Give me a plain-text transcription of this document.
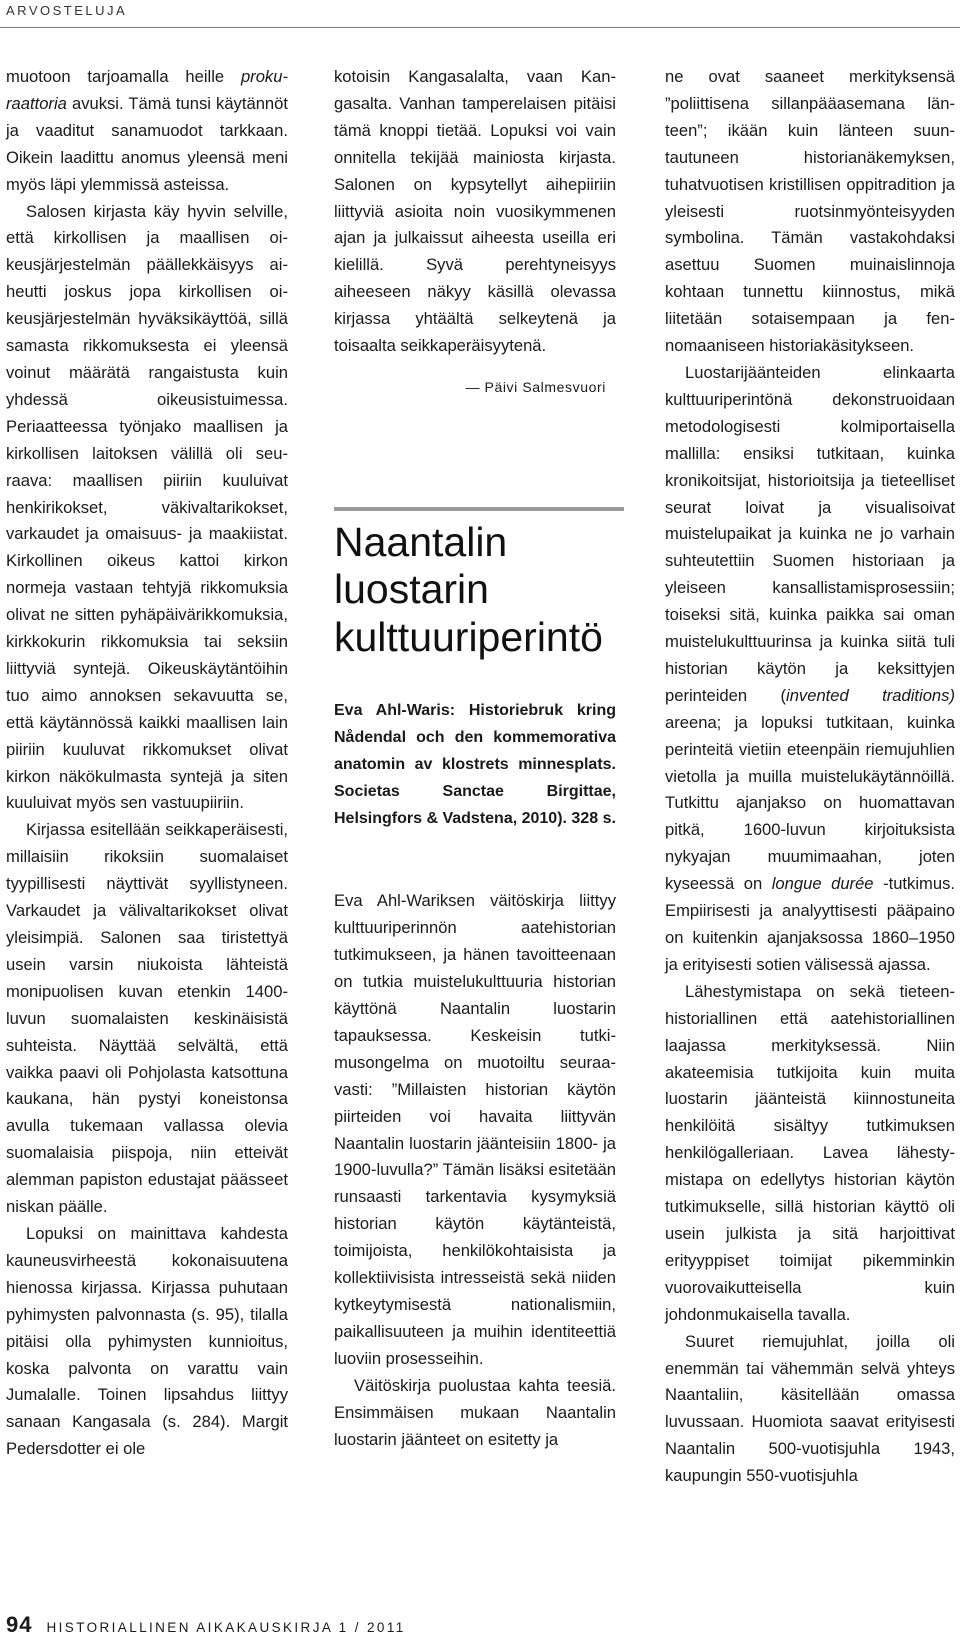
ARVOSTELUJA

muotoon tarjoamalla heille prokuraattoria avuksi. Tämä tunsi käytännöt ja vaaditut sanamuodot tarkkaan. Oikein laadittu anomus yleensä meni myös läpi ylemmissä asteissa.

Salosen kirjasta käy hyvin selville, että kirkollisen ja maallisen oikeusjärjestelmän päällekkäisyys aiheutti joskus jopa kirkollisen oikeusjärjestelmän hyväksikäyttöä, sillä samasta rikkomuksesta ei yleensä voinut määrätä rangaistusta kuin yhdessä oikeusistuimessa. Periaatteessa työnjako maallisen ja kirkollisen laitoksen välillä oli seuraava: maallisen piiriin kuuluivat henkirikokset, väkivaltarikokset, varkaudet ja omaisuus- ja maakiistat. Kirkollinen oikeus kattoi kirkon normeja vastaan tehtyjä rikkomuksia olivat ne sitten pyhäpäivärikkomuksia, kirkkokurin rikkomuksia tai seksiin liittyviä syntejä. Oikeuskäytäntöihin tuo aimo annoksen sekavuutta se, että käytännössä kaikki maallisen lain piiriin kuuluvat rikkomukset olivat kirkon näkökulmasta syntejä ja siten kuuluivat myös sen vastuupiiriin.

Kirjassa esitellään seikkaperäisesti, millaisiin rikoksiin suomalaiset tyypillisesti näyttivät syyllistyneen. Varkaudet ja välivaltarikokset olivat yleisimpiä. Salonen saa tiristettyä usein varsin niukoista lähteistä monipuolisen kuvan etenkin 1400-luvun suomalaisten keskinäisistä suhteista. Näyttää selvältä, että vaikka paavi oli Pohjolasta katsottuna kaukana, hän pystyi koneistonsa avulla tukemaan vallassa olevia suomalaisia piispoja, niin etteivät alemman papiston edustajat päässeet niskan päälle.

Lopuksi on mainittava kahdesta kauneusvirheestä kokonaisuutena hienossa kirjassa. Kirjassa puhutaan pyhimysten palvonnasta (s. 95), tilalla pitäisi olla pyhimysten kunnioitus, koska palvonta on varattu vain Jumalalle. Toinen lipsahdus liittyy sanaan Kangasala (s. 284). Margit Pedersdotter ei ole

kotoisin Kangasalalta, vaan Kangasalta. Vanhan tamperelaisen pitäisi tämä knoppi tietää. Lopuksi voi vain onnitella tekijää mainiosta kirjasta. Salonen on kypsytellyt aihepiiriin liittyviä asioita noin vuosikymmenen ajan ja julkaissut aiheesta useilla eri kielillä. Syvä perehtyneisyys aiheeseen näkyy käsillä olevassa kirjassa yhtäältä selkeytenä ja toisaalta seikkaperäisyytenä.

— Päivi Salmesvuori

Naantalin luostarin kulttuuriperintö

Eva Ahl-Waris: Historiebruk kring Nådendal och den kommemorativa anatomin av klostrets minnesplats. Societas Sanctae Birgittae, Helsingfors & Vadstena, 2010). 328 s.

Eva Ahl-Wariksen väitöskirja liittyy kulttuuriperinnön aatehistorian tutkimukseen, ja hänen tavoitteenaan on tutkia muistelukulttuuria historian käyttönä Naantalin luostarin tapauksessa. Keskeisin tutkimusongelma on muotoiltu seuraavasti: ”Millaisten historian käytön piirteiden voi havaita liittyvän Naantalin luostarin jäänteisiin 1800- ja 1900-luvulla?” Tämän lisäksi esitetään runsaasti tarkentavia kysymyksiä historian käytön käytänteistä, toimijoista, henkilökohtaisista ja kollektiivisista intresseistä sekä niiden kytkeytymisestä nationalismiin, paikallisuuteen ja muihin identiteettiä luoviin prosesseihin.

Väitöskirja puolustaa kahta teesiä. Ensimmäisen mukaan Naantalin luostarin jäänteet on esitetty ja

ne ovat saaneet merkityksensä ”poliittisena sillanpääasemana länteen”; ikään kuin länteen suuntautuneen historianäkemyksen, tuhatvuotisen kristillisen oppitradition ja yleisesti ruotsinmyönteisyyden symbolina. Tämän vastakohdaksi asettuu Suomen muinaislinnoja kohtaan tunnettu kiinnostus, mikä liitetään sotaisempaan ja fennomaaniseen historiakäsitykseen.

Luostarijäänteiden elinkaarta kulttuuriperintönä dekonstruoidaan metodologisesti kolmiportaisella mallilla: ensiksi tutkitaan, kuinka kronikoitsijat, historioitsija ja tieteelliset seurat loivat ja visualisoivat muistelupaikat ja kuinka ne jo varhain suhteutettiin Suomen historiaan ja yleiseen kansallistamisprosessiin; toiseksi sitä, kuinka paikka sai oman muistelukulttuurinsa ja kuinka siitä tuli historian käytön ja keksittyjen perinteiden (invented traditions) areena; ja lopuksi tutkitaan, kuinka perinteitä vietiin eteenpäin riemujuhlien vietolla ja muilla muistelukäytännöillä. Tutkittu ajanjakso on huomattavan pitkä, 1600-luvun kirjoituksista nykyajan muumimaahan, joten kyseessä on longue durée -tutkimus. Empiirisesti ja analyyttisesti pääpaino on kuitenkin ajanjaksossa 1860–1950 ja erityisesti sotien välisessä ajassa.

Lähestymistapa on sekä tieteenhistoriallinen että aatehistoriallinen laajassa merkityksessä. Niin akateemisia tutkijoita kuin muita luostarin jäänteistä kiinnostuneita henkilöitä sisältyy tutkimuksen henkilögalleriaan. Lavea lähestymistapa on edellytys historian käytön tutkimukselle, sillä historian käyttö oli usein julkista ja sitä harjoittivat erityyppiset toimijat pikemminkin vuorovaikutteisella kuin johdonmukaisella tavalla.

Suuret riemujuhlat, joilla oli enemmän tai vähemmän selvä yhteys Naantaliin, käsitellään omassa luvussaan. Huomiota saavat erityisesti Naantalin 500-vuotisjuhla 1943, kaupungin 550-vuotisjuhla

94 HISTORIALLINEN AIKAKAUSKIRJA 1 / 2011
